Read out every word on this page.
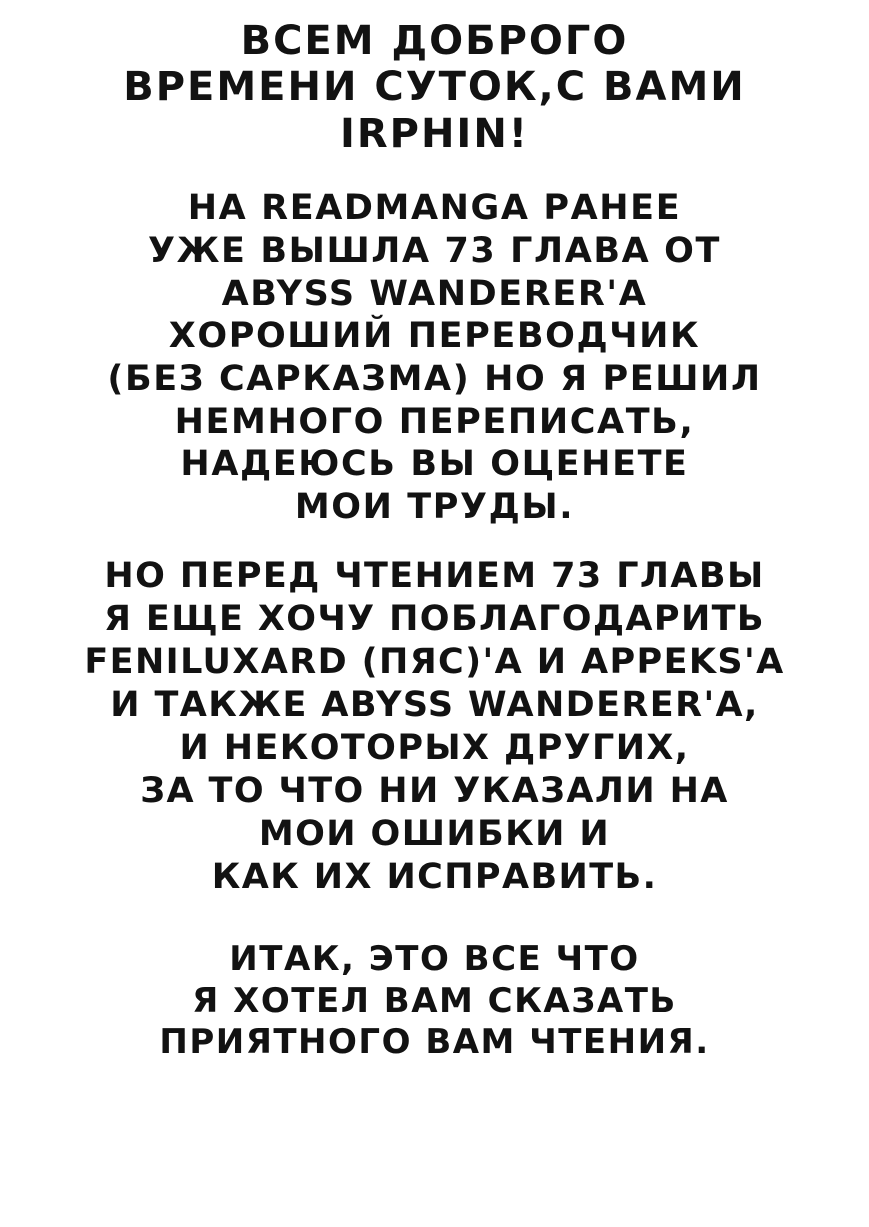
ВСЕМ ДОБРОГО
ВРЕМЕНИ СУТОК,С ВАМИ
IRPHIN!
НА READMANGA РАНЕЕ
УЖЕ ВЫШЛА 73 ГЛАВА ОТ
ABYSS WANDERER'А
ХОРОШИЙ ПЕРЕВОДЧИК
(БЕЗ САРКАЗМА) НО Я РЕШИЛ
НЕМНОГО ПЕРЕПИСАТЬ,
НАДЕЮСЬ ВЫ ОЦЕНЕТЕ
МОИ ТРУДЫ.
НО ПЕРЕД ЧТЕНИЕМ 73 ГЛАВЫ
Я ЕЩЕ ХОЧУ ПОБЛАГОДАРИТЬ
FENILUXARD (ПЯС)'А И APPEKS'А
И ТАКЖЕ ABYSS WANDERER'А,
И НЕКОТОРЫХ ДРУГИХ,
ЗА ТО ЧТО НИ УКАЗАЛИ НА
МОИ ОШИБКИ И
КАК ИХ ИСПРАВИТЬ.
ИТАК, ЭТО ВСЕ ЧТО
Я ХОТЕЛ ВАМ СКАЗАТЬ
ПРИЯТНОГО ВАМ ЧТЕНИЯ.
